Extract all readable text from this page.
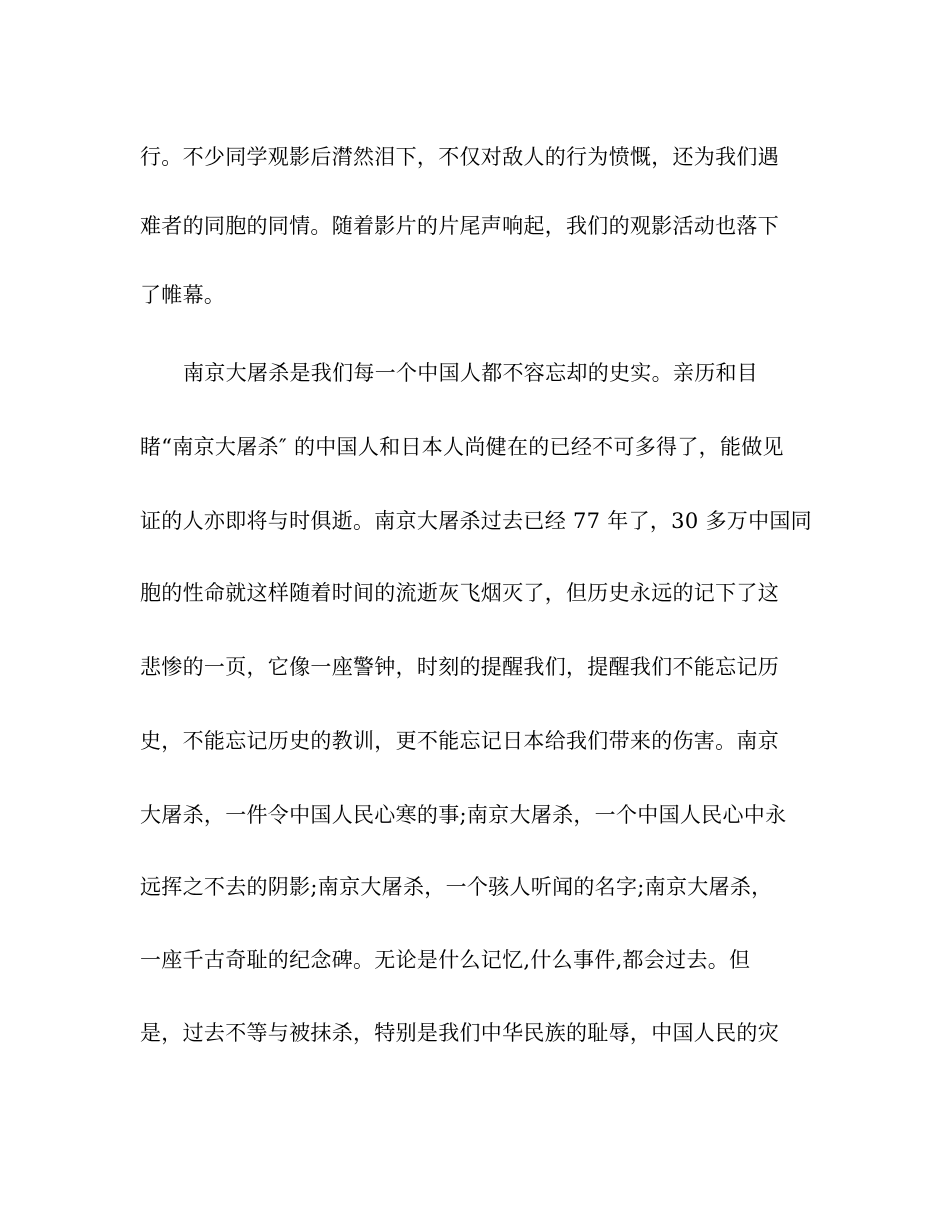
行。不少同学观影后潸然泪下，不仅对敌人的行为愤慨，还为我们遇
难者的同胞的同情。随着影片的片尾声响起，我们的观影活动也落下
了帷幕。
南京大屠杀是我们每一个中国人都不容忘却的史实。亲历和目
睹“南京大屠杀″ 的中国人和日本人尚健在的已经不可多得了，能做见
证的人亦即将与时俱逝。南京大屠杀过去已经 77 年了，30 多万中国同
胞的性命就这样随着时间的流逝灰飞烟灭了，但历史永远的记下了这
悲惨的一页，它像一座警钟，时刻的提醒我们，提醒我们不能忘记历
史，不能忘记历史的教训，更不能忘记日本给我们带来的伤害。南京
大屠杀，一件令中国人民心寒的事;南京大屠杀，一个中国人民心中永
远挥之不去的阴影;南京大屠杀，一个骇人听闻的名字;南京大屠杀，
一座千古奇耻的纪念碑。无论是什么记忆,什么事件,都会过去。但
是，过去不等与被抹杀，特别是我们中华民族的耻辱，中国人民的灾
